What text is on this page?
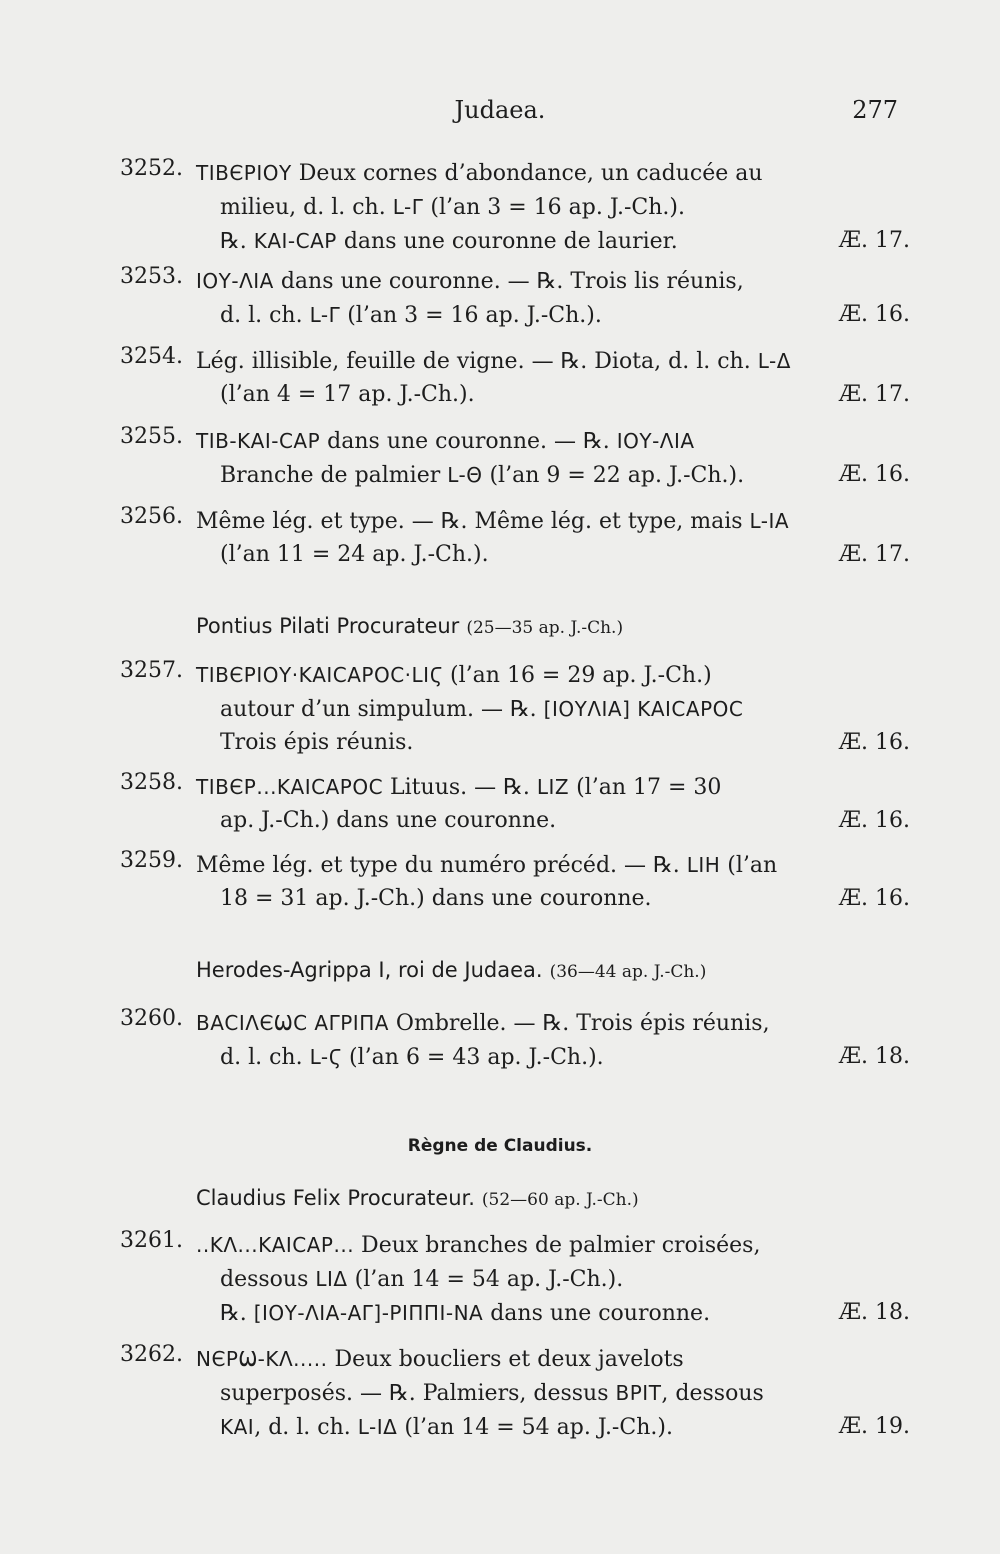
Judaea.	277
3252. ΤΙΒЄΡΙΟΥ Deux cornes d’abondance, un caducée au
milieu, d. l. ch. L-Γ (l’an 3 = 16 ap. J.-Ch.).
℞. ΚΑΙ-CΑΡ dans une couronne de laurier.	Æ. 17.
3253. ΙΟΥ-ΛΙΑ dans une couronne. — ℞. Trois lis réunis,
d. l. ch. L-Γ (l’an 3 = 16 ap. J.-Ch.).	Æ. 16.
3254. Lég. illisible, feuille de vigne. — ℞. Diota, d. l. ch. L-Δ
(l’an 4 = 17 ap. J.-Ch.).	Æ. 17.
3255. ΤΙΒ-ΚΑΙ-CΑΡ dans une couronne. — ℞. ΙΟΥ-ΛΙΑ
Branche de palmier L-Θ (l’an 9 = 22 ap. J.-Ch.).	Æ. 16.
3256. Même lég. et type. — ℞. Même lég. et type, mais L-ΙΑ
(l’an 11 = 24 ap. J.-Ch.).	Æ. 17.
Pontius Pilati Procurateur (25—35 ap. J.-Ch.)
3257. ΤΙΒЄΡΙΟΥ·ΚΑΙCΑΡΟC·LΙϚ (l’an 16 = 29 ap. J.-Ch.)
autour d’un simpulum. — ℞. [ΙΟΥΛΙΑ] ΚΑΙCΑΡΟC
Trois épis réunis.	Æ. 16.
3258. ΤΙΒЄΡ...ΚΑΙCΑΡΟC Lituus. — ℞. LΙΖ (l’an 17 = 30
ap. J.-Ch.) dans une couronne.	Æ. 16.
3259. Même lég. et type du numéro précéd. — ℞. LΙΗ (l’an
18 = 31 ap. J.-Ch.) dans une couronne.	Æ. 16.
Herodes-Agrippa I, roi de Judaea. (36—44 ap. J.-Ch.)
3260. ΒΑCΙΛЄѠC ΑΓΡΙΠΑ Ombrelle. — ℞. Trois épis réunis,
d. l. ch. L-Ϛ (l’an 6 = 43 ap. J.-Ch.).	Æ. 18.
Règne de Claudius.
Claudius Felix Procurateur. (52—60 ap. J.-Ch.)
3261. ..ΚΛ...ΚΑΙCΑΡ... Deux branches de palmier croisées,
dessous LΙΔ (l’an 14 = 54 ap. J.-Ch.).
℞. [ΙΟΥ-ΛΙΑ-ΑΓ]-ΡΙΠΠΙ-ΝΑ dans une couronne.	Æ. 18.
3262. ΝЄΡѠ-ΚΛ..... Deux boucliers et deux javelots
superposés. — ℞. Palmiers, dessus ΒΡΙΤ, dessous
ΚΑΙ, d. l. ch. L-ΙΔ (l’an 14 = 54 ap. J.-Ch.).	Æ. 19.
